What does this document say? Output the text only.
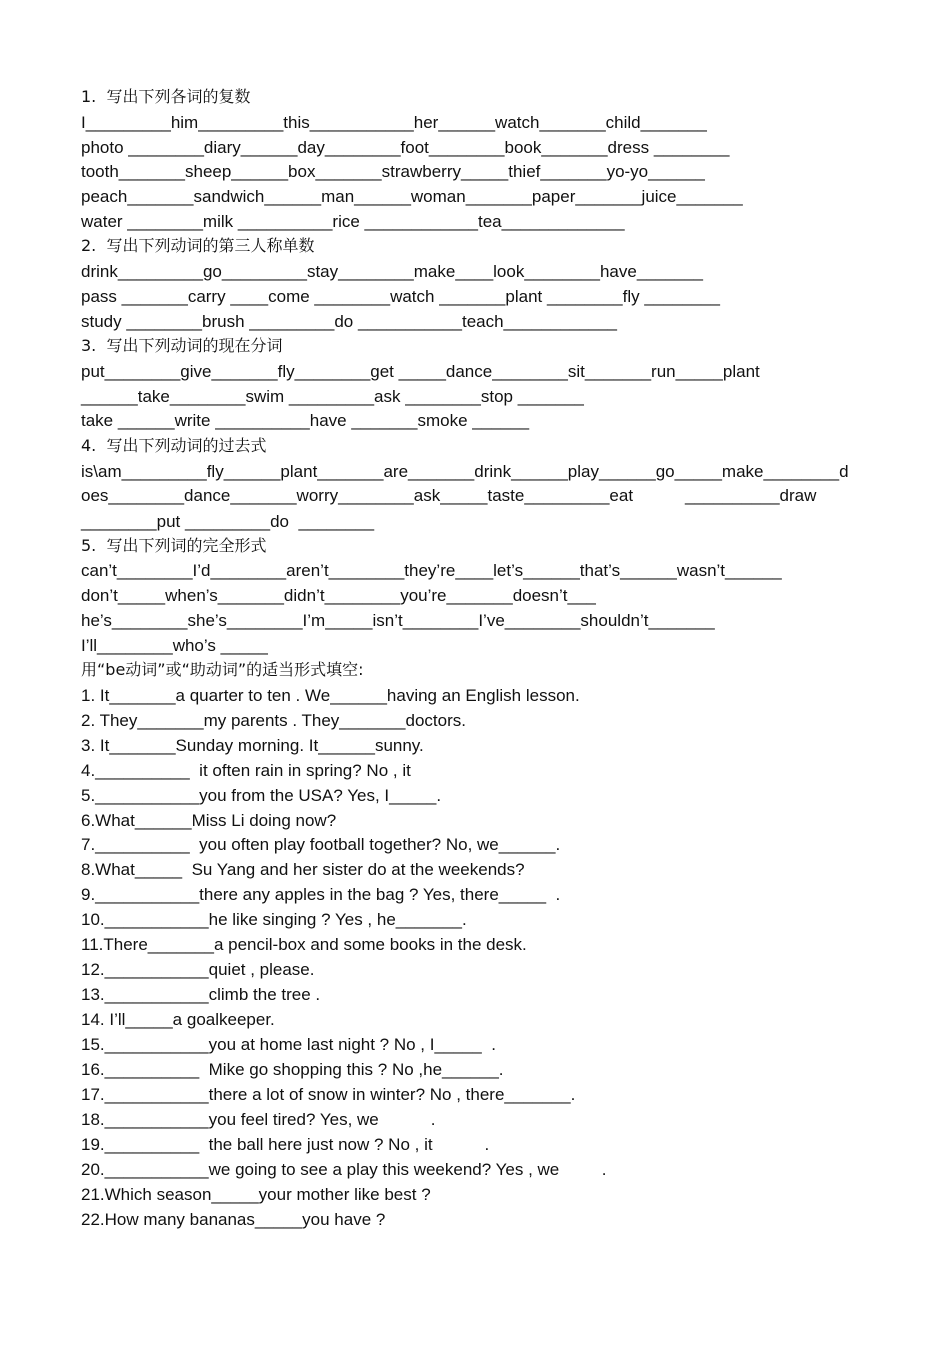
1.  写出下列各词的复数
I_________him_________this___________her______watch_______child_______
photo ________diary______day________foot________book_______dress ________
tooth_______sheep______box_______strawberry_____thief_______yo-yo______
peach_______sandwich______man______woman_______paper_______juice_______
water ________milk __________rice ____________tea_____________
2.  写出下列动词的第三人称单数
drink_________go_________stay________make____look________have_______
pass _______carry ____come ________watch _______plant ________fly ________
study ________brush _________do ___________teach____________
3.  写出下列动词的现在分词
put________give_______fly________get _____dance________sit_______run_____plant
______take________swim _________ask ________stop _______
take ______write __________have _______smoke ______
4.  写出下列动词的过去式
is\am_________fly______plant_______are_______drink______play______go_____make________d
oes________dance_______worry________ask_____taste_________eat           __________draw
________put _________do  ________
5.  写出下列词的完全形式
can’t________I’d________aren’t________they’re____let’s______that’s______wasn’t______
don’t_____when’s_______didn’t________you’re_______doesn’t___
he’s________she’s________I’m_____isn’t________I’ve________shouldn’t_______
I’ll________who’s _____
用“be动词”或“助动词”的适当形式填空:
1. It_______a quarter to ten . We______having an English lesson.
2. They_______my parents . They_______doctors.
3. It_______Sunday morning. It______sunny.
4.__________  it often rain in spring? No , it
5.___________you from the USA? Yes, I_____.
6.What______Miss Li doing now?
7.__________  you often play football together? No, we______.
8.What_____  Su Yang and her sister do at the weekends?
9.___________there any apples in the bag ? Yes, there_____  .
10.___________he like singing ? Yes , he_______.
11.There_______a pencil-box and some books in the desk.
12.___________quiet , please.
13.___________climb the tree .
14. I’ll_____a goalkeeper.
15.___________you at home last night ? No , I_____  .
16.__________  Mike go shopping this ? No ,he______.
17.___________there a lot of snow in winter? No , there_______.
18.___________you feel tired? Yes, we           .
19.__________  the ball here just now ? No , it           .
20.___________we going to see a play this weekend? Yes , we         .
21.Which season_____your mother like best ?
22.How many bananas_____you have ?
